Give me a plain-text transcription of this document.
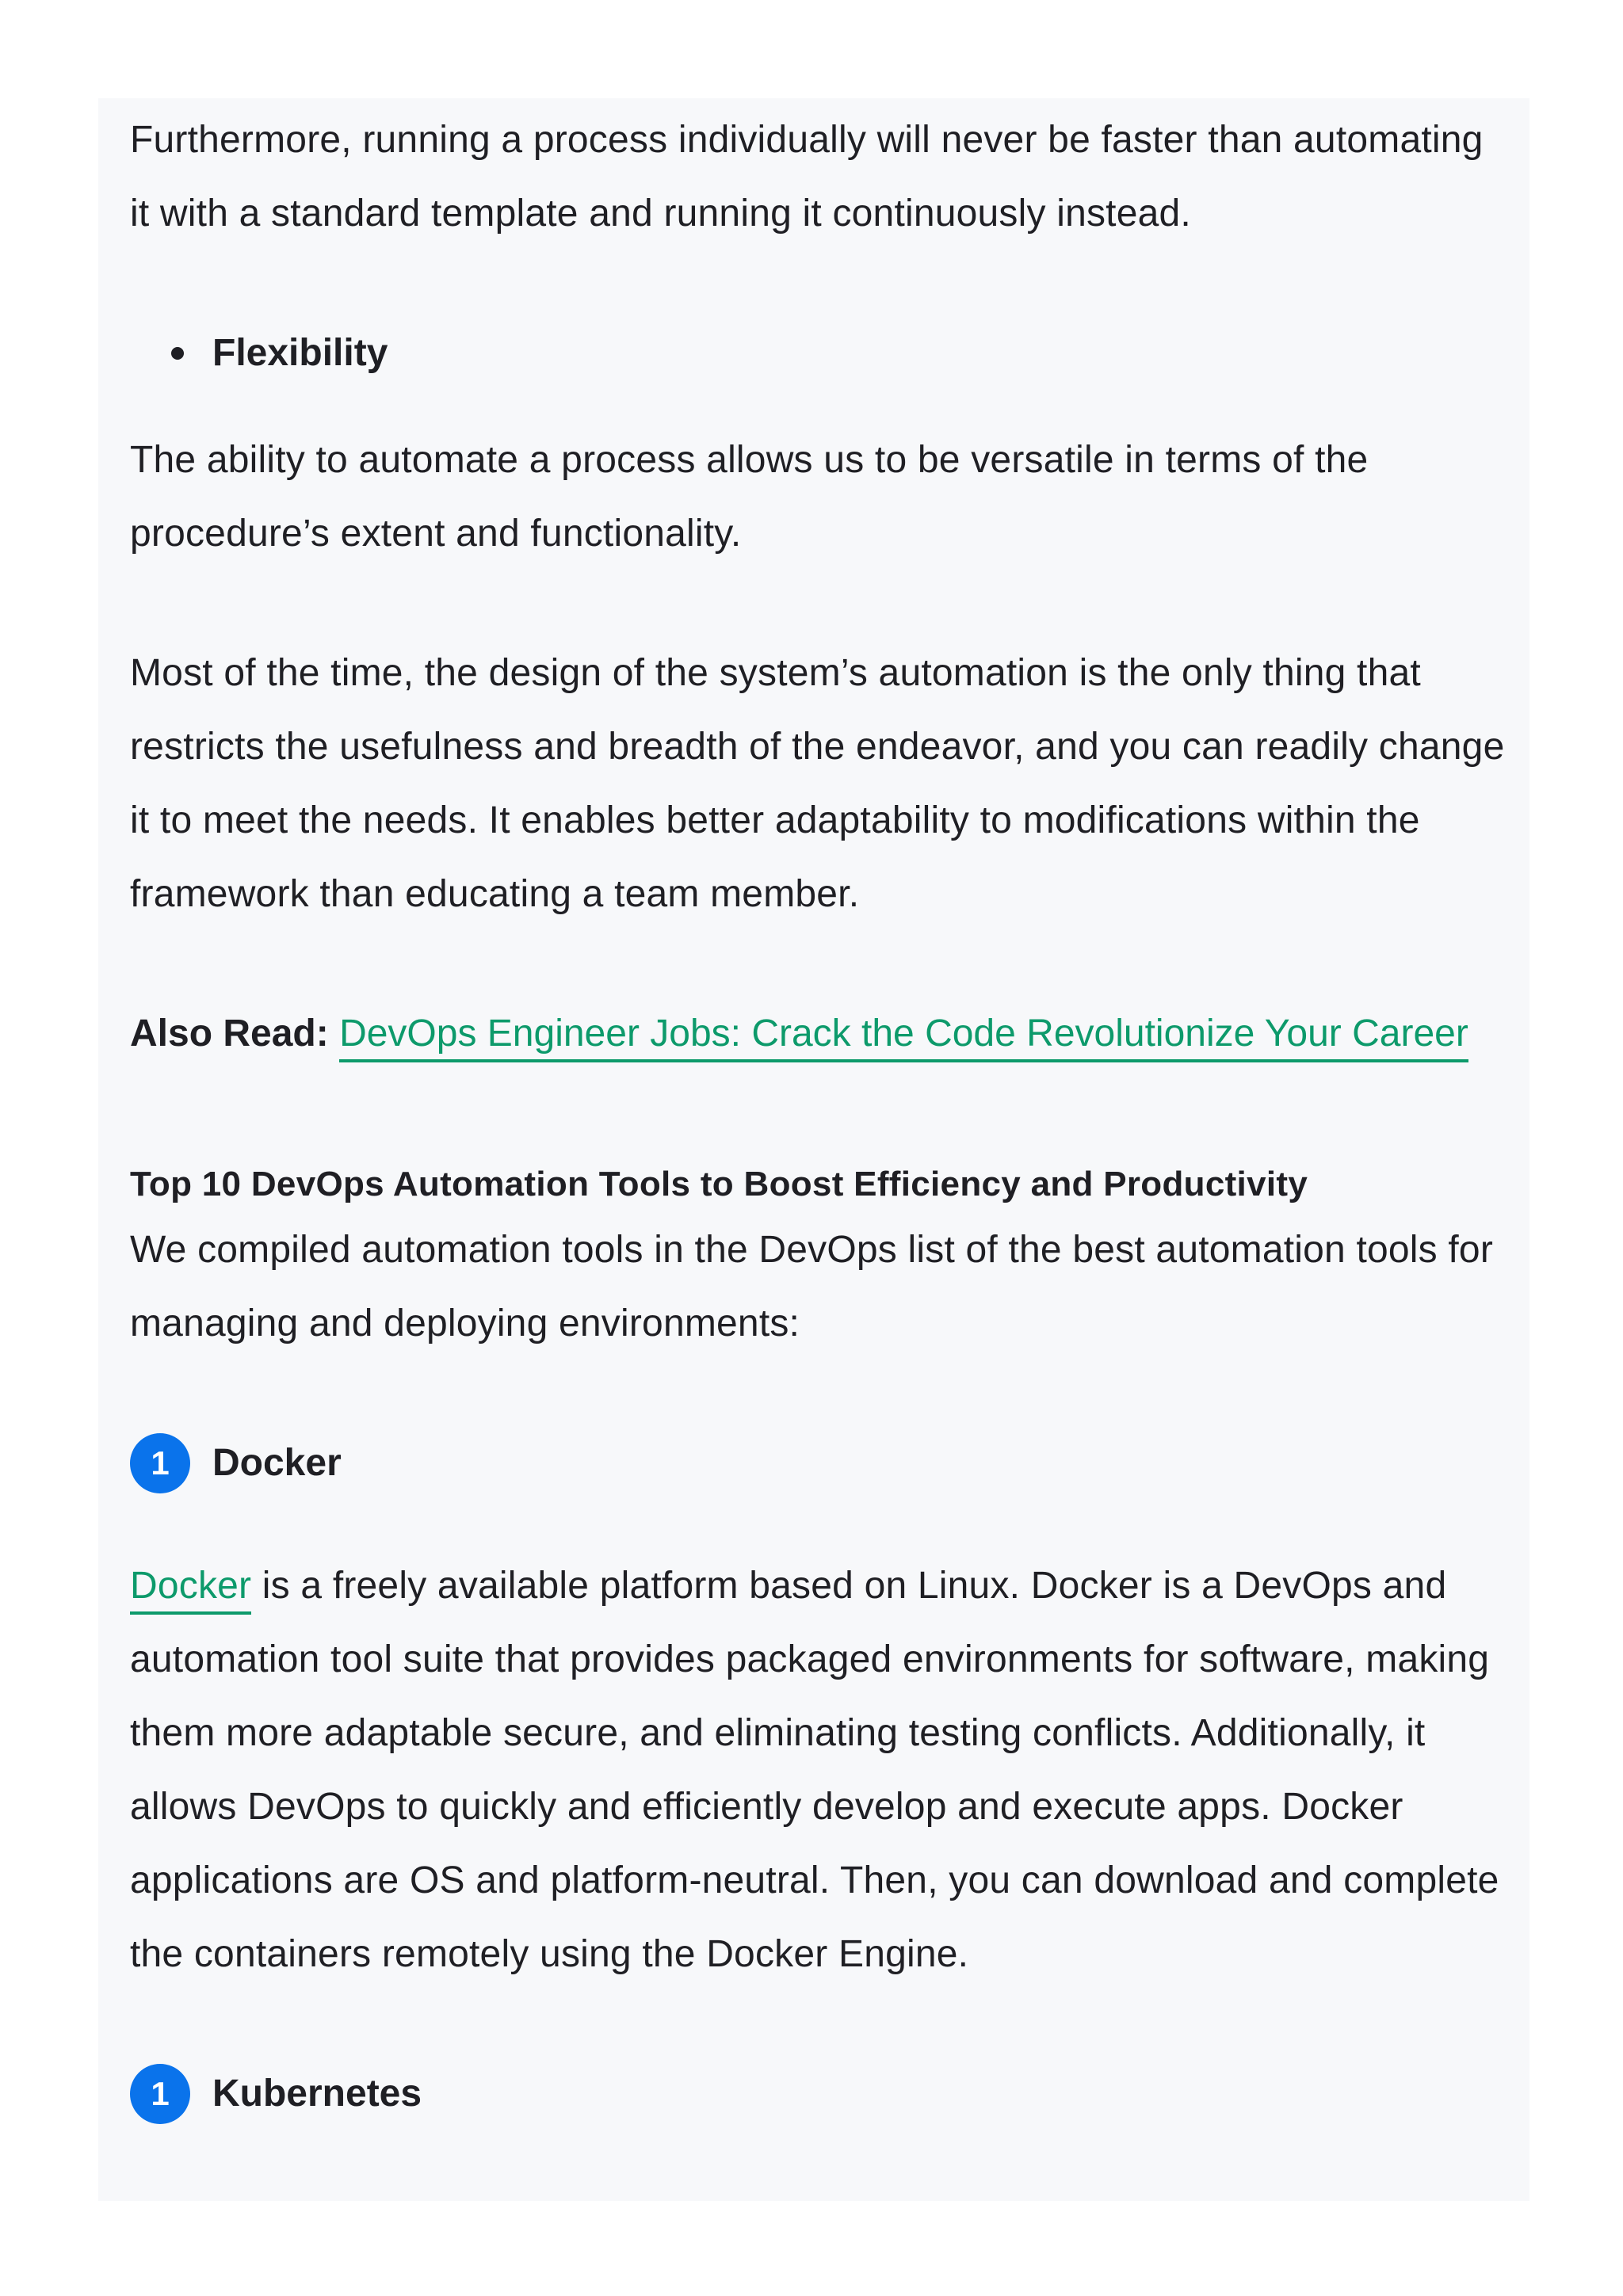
Furthermore, running a process individually will never be faster than automating it with a standard template and running it continuously instead.

Flexibility

The ability to automate a process allows us to be versatile in terms of the procedure’s extent and functionality.

Most of the time, the design of the system’s automation is the only thing that restricts the usefulness and breadth of the endeavor, and you can readily change it to meet the needs. It enables better adaptability to modifications within the framework than educating a team member.

Also Read: DevOps Engineer Jobs: Crack the Code Revolutionize Your Career
Top 10 DevOps Automation Tools to Boost Efficiency and Productivity

We compiled automation tools in the DevOps list of the best automation tools for managing and deploying environments:

1	Docker

Docker is a freely available platform based on Linux. Docker is a DevOps and automation tool suite that provides packaged environments for software, making them more adaptable secure, and eliminating testing conflicts. Additionally, it allows DevOps to quickly and efficiently develop and execute apps. Docker applications are OS and platform-neutral. Then, you can download and complete the containers remotely using the Docker Engine.

1	Kubernetes
